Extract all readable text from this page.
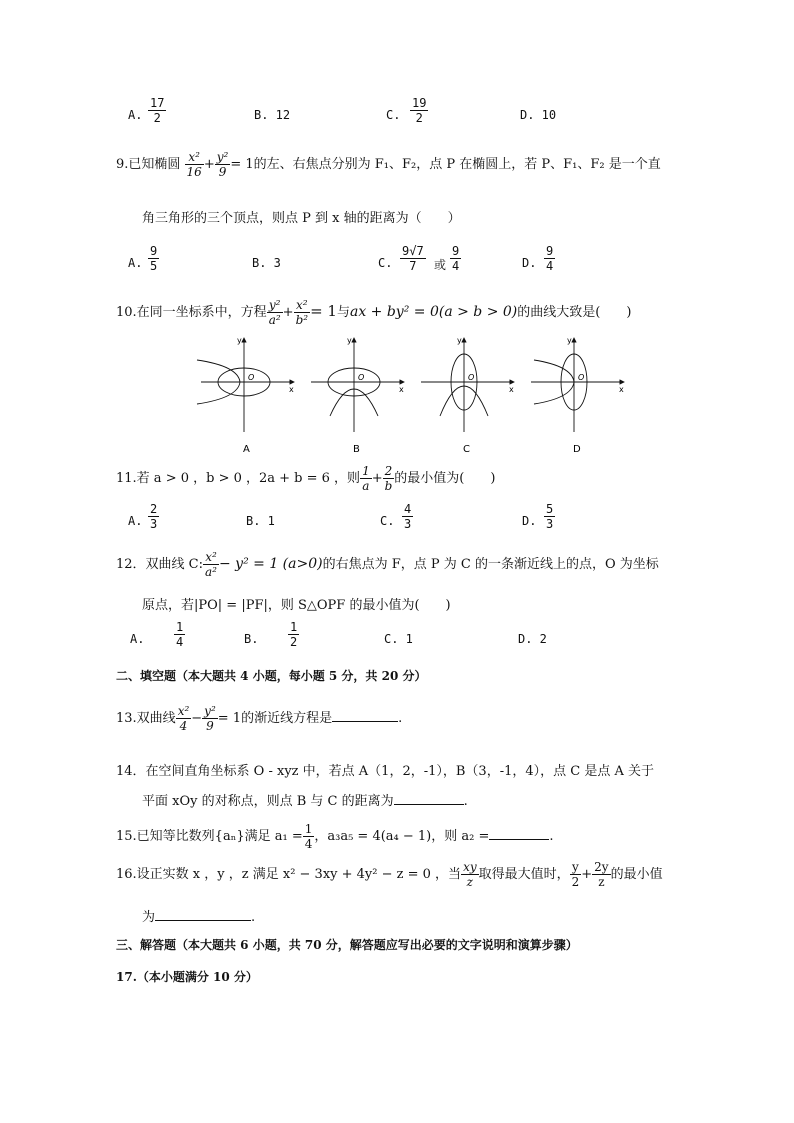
A. $\frac{17}{2}$	B. 12	C. $\frac{19}{2}$	D. 10
9.已知椭圆 $\frac{\text{x²}}{16} + \frac{\text{y²}}{9} = 1$的左、右焦点分别为 F₁、F₂，点 P 在椭圆上，若 P、F₁、F₂ 是一个直
角三角形的三个顶点，则点 P 到 x 轴的距离为（　　）
A. $\frac{9}{5}$	B. 3	C. $\frac{9√7}{7}$ 或 $\frac{9}{4}$	D. $\frac{9}{4}$
10.在同一坐标系中，方程 $\frac{\text{y²}}{\text{a²}} + \frac{\text{x²}}{\text{b²}} = 1$与ax + by² = 0(a > b > 0)的曲线大致是(　　)
y
x
O
y
x
O
y
x
O
y
x
O
A	B	C	D
11.若 a > 0 ，b > 0 ，2a + b = 6 ，则 $\frac{1}{a} + \frac{2}{b}$ 的最小值为(　　)
A. $\frac{2}{3}$	B. 1	C. $\frac{4}{3}$	D. $\frac{5}{3}$
12．双曲线 C: $\frac{\text{x²}}{\text{a²}} - y^2 = 1$ (a>0)的右焦点为 F，点 P 为 C 的一条渐近线上的点，O 为坐标
原点，若|PO| = |PF|，则 S△OPF 的最小值为(　　)
A. $\frac{1}{4}$	B. $\frac{1}{2}$	C. 1	D. 2
二、填空题（本大题共 4 小题，每小题 5 分，共 20 分）
13.双曲线 $\frac{\text{x²}}{4} - \frac{\text{y²}}{9} = 1$的渐近线方程是	.
14．在空间直角坐标系 O - xyz 中，若点 A（1，2，-1），B（3，-1，4），点 C 是点 A 关于
平面 xOy 的对称点，则点 B 与 C 的距离为	.
15.已知等比数列{aₙ}满足 $a_1 = \frac{1}{4}$ ，a₃a₅ = 4(a₄ − 1)，则 a₂ =	.
16.设正实数 x ，y ，z 满足 x² − 3xy + 4y² − z = 0 ，当 $\frac{xy}{z}$ 取得最大值时， $\frac{y}{2} + \frac{2y}{z}$ 的最小值
为	.
三、解答题（本大题共 6 小题，共 70 分，解答题应写出必要的文字说明和演算步骤）
17.（本小题满分 10 分）
